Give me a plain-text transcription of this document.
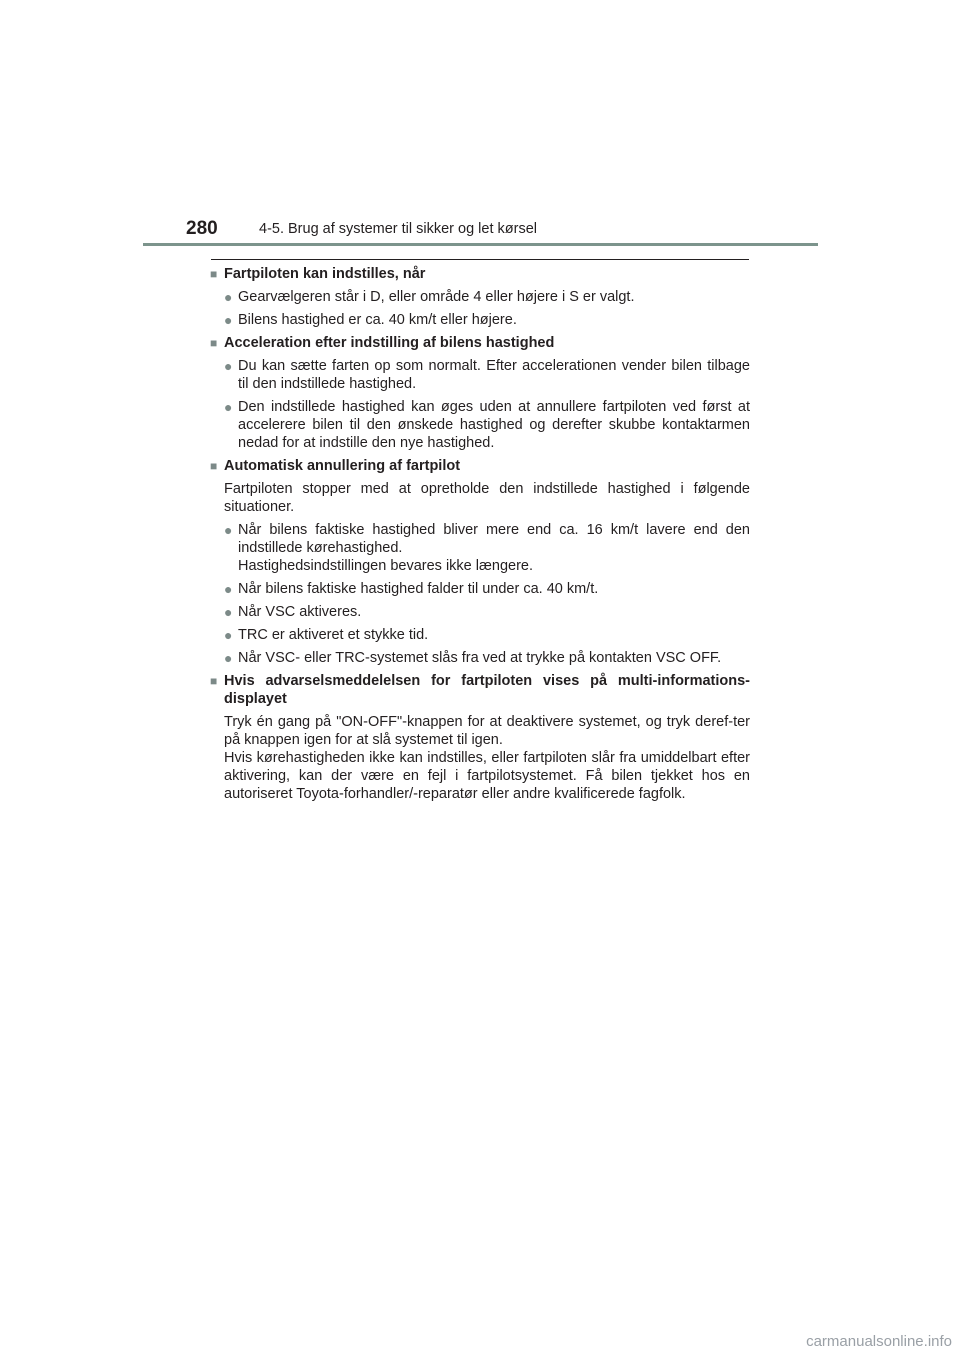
280	4-5. Brug af systemer til sikker og let kørsel
■ Fartpiloten kan indstilles, når
● Gearvælgeren står i D, eller område 4 eller højere i S er valgt.
● Bilens hastighed er ca. 40 km/t eller højere.
■ Acceleration efter indstilling af bilens hastighed
● Du kan sætte farten op som normalt. Efter accelerationen vender bilen tilbage til den indstillede hastighed.
● Den indstillede hastighed kan øges uden at annullere fartpiloten ved først at accelerere bilen til den ønskede hastighed og derefter skubbe kontaktarmen nedad for at indstille den nye hastighed.
■ Automatisk annullering af fartpilot
Fartpiloten stopper med at opretholde den indstillede hastighed i følgende situationer.
● Når bilens faktiske hastighed bliver mere end ca. 16 km/t lavere end den indstillede kørehastighed.
Hastighedsindstillingen bevares ikke længere.
● Når bilens faktiske hastighed falder til under ca. 40 km/t.
● Når VSC aktiveres.
● TRC er aktiveret et stykke tid.
● Når VSC- eller TRC-systemet slås fra ved at trykke på kontakten VSC OFF.
■ Hvis advarselsmeddelelsen for fartpiloten vises på multi-informations-displayet
Tryk én gang på "ON-OFF"-knappen for at deaktivere systemet, og tryk deref-ter på knappen igen for at slå systemet til igen.
Hvis kørehastigheden ikke kan indstilles, eller fartpiloten slår fra umiddelbart efter aktivering, kan der være en fejl i fartpilotsystemet. Få bilen tjekket hos en autoriseret Toyota-forhandler/-reparatør eller andre kvalificerede fagfolk.
carmanualsonline.info
